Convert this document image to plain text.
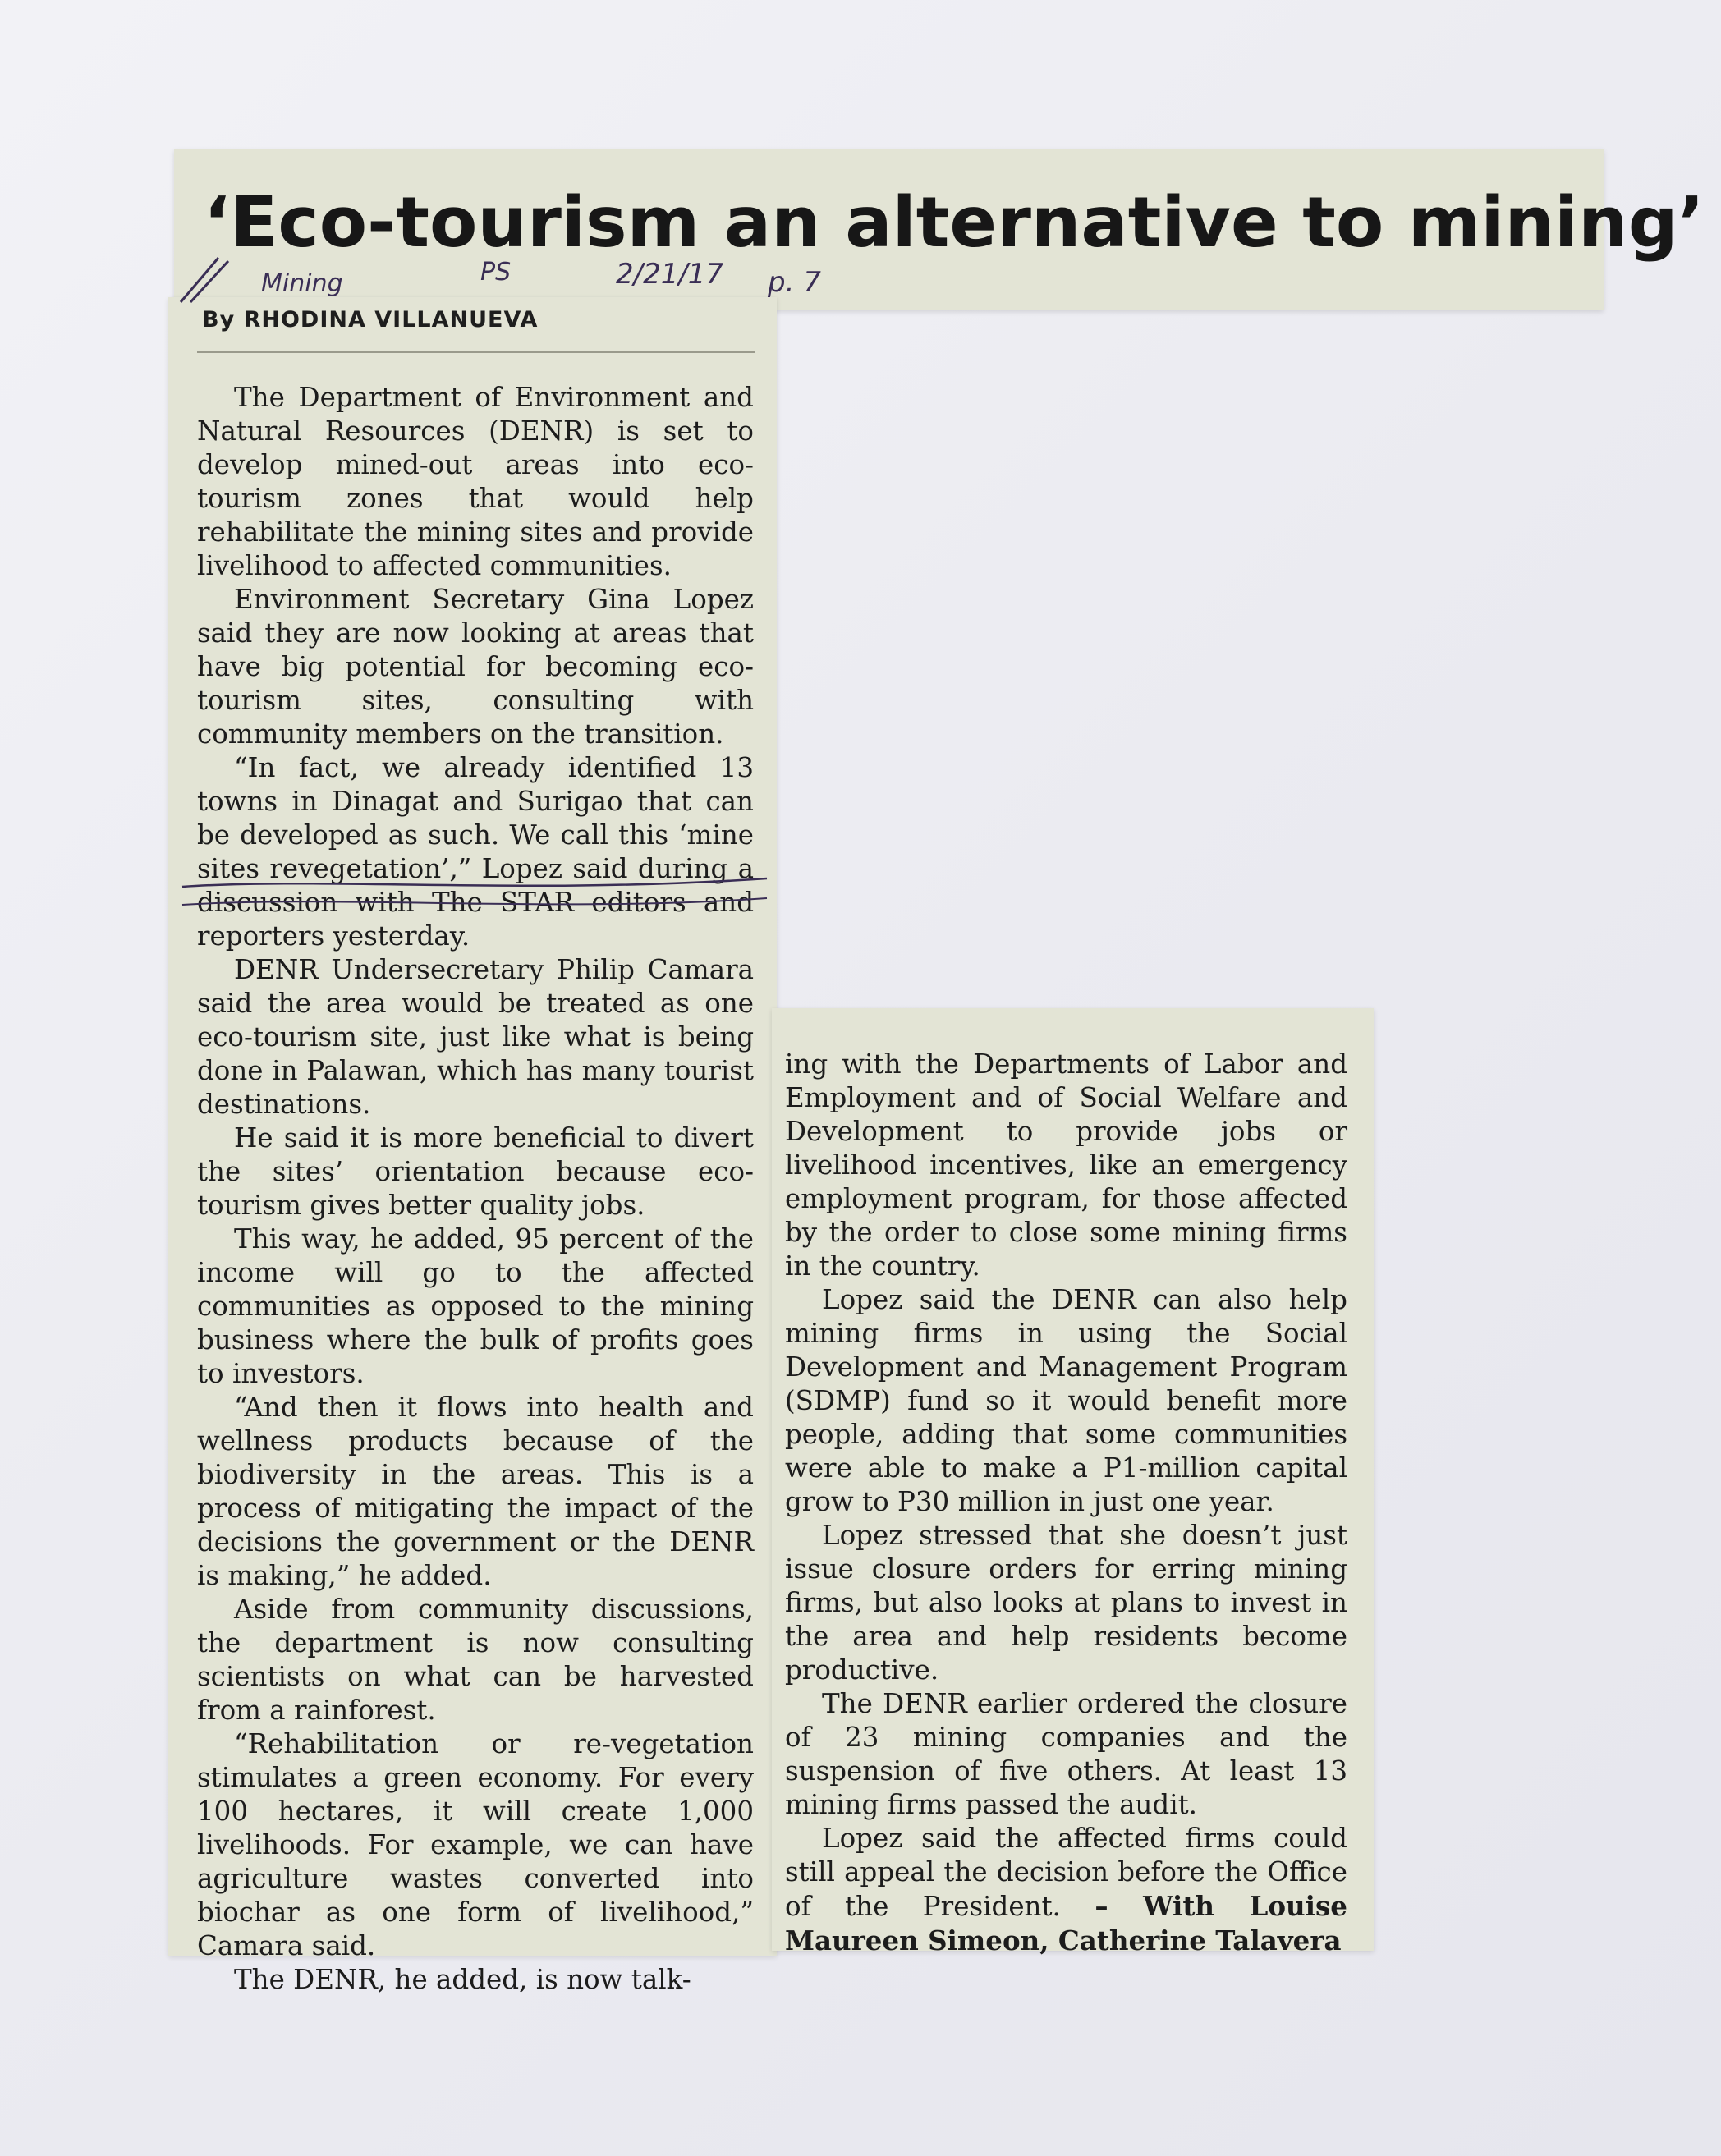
‘Eco-tourism an alternative to mining’
Mining	PS	2/21/17 p. 7

By RHODINA VILLANUEVA

The Department of Environment and Natural Resources (DENR) is set to develop mined-out areas into eco-tourism zones that would help rehabilitate the mining sites and provide livelihood to affected communities.

Environment Secretary Gina Lopez said they are now looking at areas that have big potential for becoming eco-tourism sites, consulting with community members on the transition.

“In fact, we already identified 13 towns in Dinagat and Surigao that can be developed as such. We call this ‘mine sites revegetation’,” Lopez said during a discussion with The STAR editors and reporters yesterday.

DENR Undersecretary Philip Camara said the area would be treated as one eco-tourism site, just like what is being done in Palawan, which has many tourist destinations.

He said it is more beneficial to divert the sites’ orientation because eco-tourism gives better quality jobs.

This way, he added, 95 percent of the income will go to the affected communities as opposed to the mining business where the bulk of profits goes to investors.

“And then it flows into health and wellness products because of the biodiversity in the areas. This is a process of mitigating the impact of the decisions the government or the DENR is making,” he added.

Aside from community discussions, the department is now consulting scientists on what can be harvested from a rainforest.

“Rehabilitation or re-vegetation stimulates a green economy. For every 100 hectares, it will create 1,000 livelihoods. For example, we can have agriculture wastes converted into biochar as one form of livelihood,” Camara said.

The DENR, he added, is now talk-

ing with the Departments of Labor and Employment and of Social Welfare and Development to provide jobs or livelihood incentives, like an emergency employment program, for those affected by the order to close some mining firms in the country.

Lopez said the DENR can also help mining firms in using the Social Development and Management Program (SDMP) fund so it would benefit more people, adding that some communities were able to make a P1-million capital grow to P30 million in just one year.

Lopez stressed that she doesn’t just issue closure orders for erring mining firms, but also looks at plans to invest in the area and help residents become productive.

The DENR earlier ordered the closure of 23 mining companies and the suspension of five others. At least 13 mining firms passed the audit.

Lopez said the affected firms could still appeal the decision before the Office of the President. – With Louise Maureen Simeon, Catherine Talavera
